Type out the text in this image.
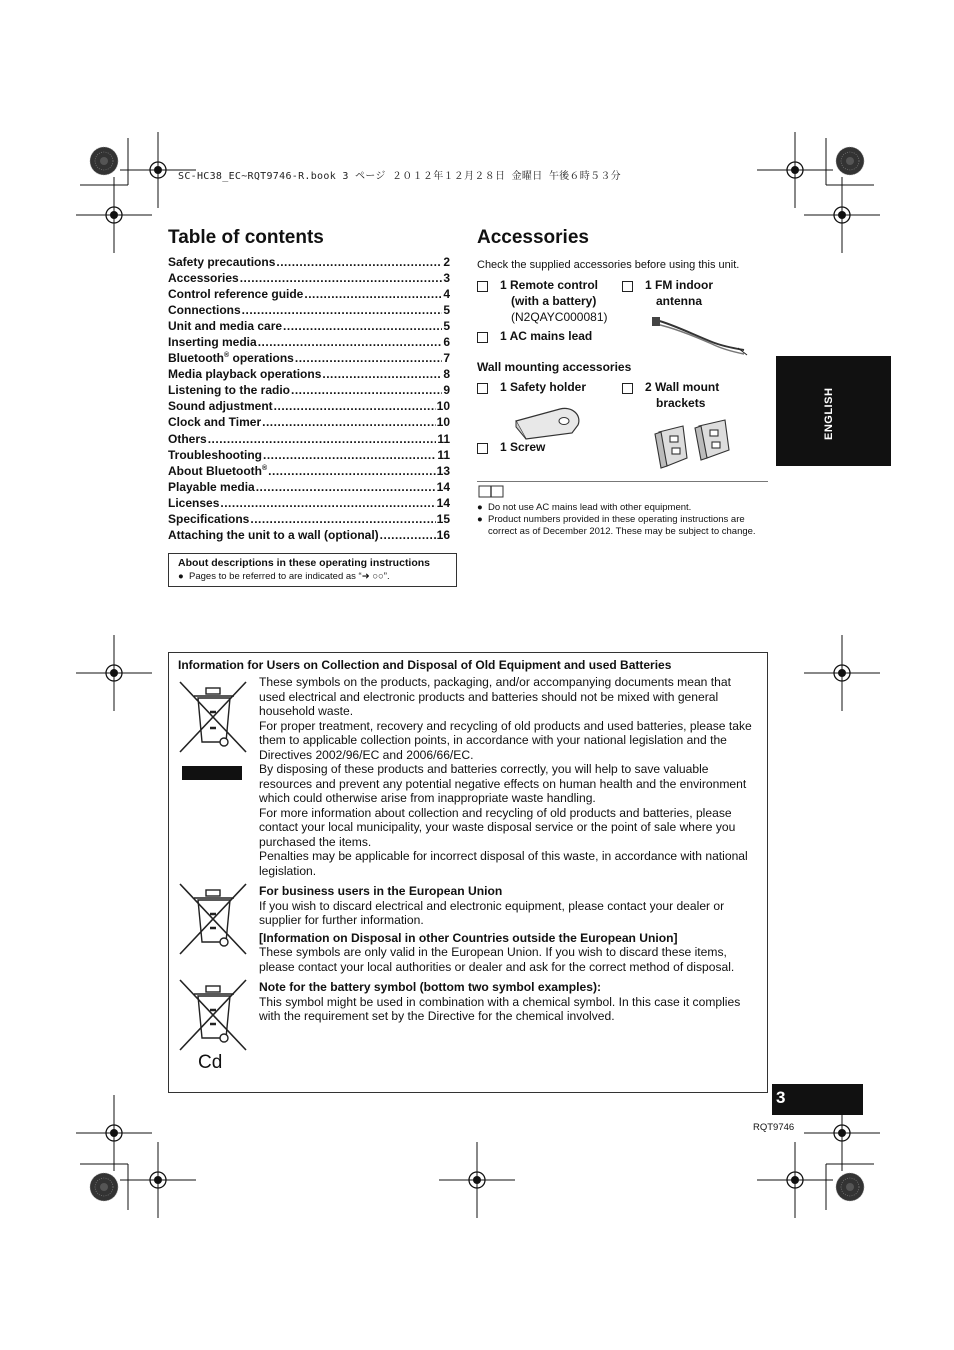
SC-HC38_EC~RQT9746-R.book 3 ページ ２０１２年１２月２８日 金曜日 午後６時５３分
Table of contents
Safety precautions .....	2
Accessories .....	3
Control reference guide .....	4
Connections .....	5
Unit and media care .....	5
Inserting media .....	6
Bluetooth® operations .....	7
Media playback operations .....	8
Listening to the radio .....	9
Sound adjustment .....	10
Clock and Timer .....	10
Others .....	11
Troubleshooting .....	11
About Bluetooth® .....	13
Playable media .....	14
Licenses .....	14
Specifications .....	15
Attaching the unit to a wall (optional) .....	16
About descriptions in these operating instructions
●  Pages to be referred to are indicated as “➜ ○○”.
Accessories
Check the supplied accessories before using this unit.
1 Remote control
(with a battery)
(N2QAYC000081)
1 FM indoor
antenna
1 AC mains lead
Wall mounting accessories
1 Safety holder	2 Wall mount
brackets
1 Screw
● Do not use AC mains lead with other equipment.
● Product numbers provided in these operating instructions are correct as of December 2012. These may be subject to change.
ENGLISH
Information for Users on Collection and Disposal of Old Equipment and used Batteries
Cd
These symbols on the products, packaging, and/or accompanying documents mean that used electrical and electronic products and batteries should not be mixed with general household waste.
For proper treatment, recovery and recycling of old products and used batteries, please take them to applicable collection points, in accordance with your national legislation and the Directives 2002/96/EC and 2006/66/EC.
By disposing of these products and batteries correctly, you will help to save valuable resources and prevent any potential negative effects on human health and the environment which could otherwise arise from inappropriate waste handling.
For more information about collection and recycling of old products and batteries, please contact your local municipality, your waste disposal service or the point of sale where you purchased the items.
Penalties may be applicable for incorrect disposal of this waste, in accordance with national legislation.
For business users in the European Union
If you wish to discard electrical and electronic equipment, please contact your dealer or supplier for further information.
[Information on Disposal in other Countries outside the European Union]
These symbols are only valid in the European Union. If you wish to discard these items, please contact your local authorities or dealer and ask for the correct method of disposal.
Note for the battery symbol (bottom two symbol examples):
This symbol might be used in combination with a chemical symbol. In this case it complies with the requirement set by the Directive for the chemical involved.
3
RQT9746
